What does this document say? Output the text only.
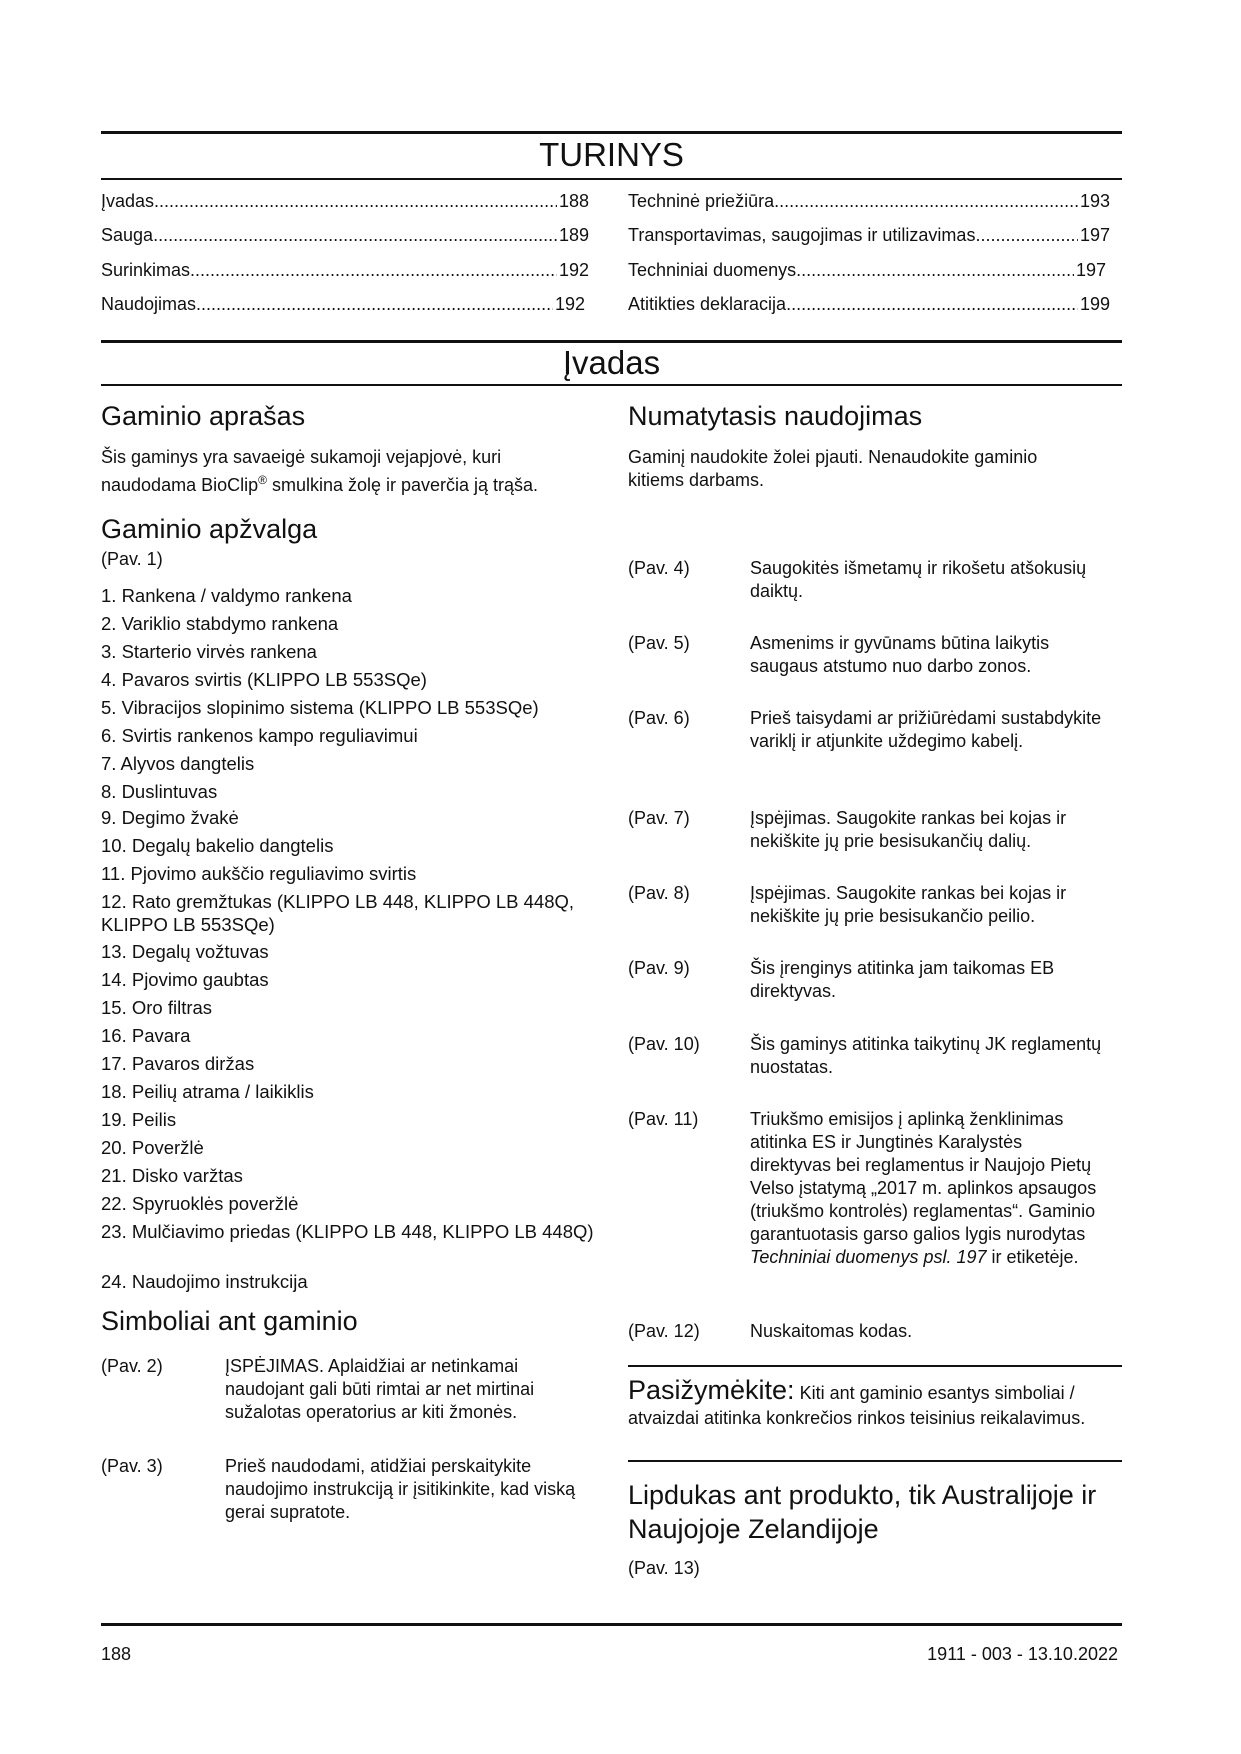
TURINYS
Įvadas .....	188
Sauga .....	189
Surinkimas .....	192
Naudojimas .....	192
Techninė priežiūra .....	193
Transportavimas, saugojimas ir utilizavimas .....	197
Techniniai duomenys .....	197
Atitikties deklaracija .....	199
Įvadas
Gaminio aprašas
Šis gaminys yra savaeigė sukamoji vejapjovė, kuri naudodama BioClip® smulkina žolę ir paverčia ją trąša.
Gaminio apžvalga
(Pav. 1)
1. Rankena / valdymo rankena
2. Variklio stabdymo rankena
3. Starterio virvės rankena
4. Pavaros svirtis (KLIPPO LB 553SQe)
5. Vibracijos slopinimo sistema (KLIPPO LB 553SQe)
6. Svirtis rankenos kampo reguliavimui
7. Alyvos dangtelis
8. Duslintuvas
9. Degimo žvakė
10. Degalų bakelio dangtelis
11. Pjovimo aukščio reguliavimo svirtis
12. Rato gremžtukas (KLIPPO LB 448, KLIPPO LB 448Q, KLIPPO LB 553SQe)
13. Degalų vožtuvas
14. Pjovimo gaubtas
15. Oro filtras
16. Pavara
17. Pavaros diržas
18. Peilių atrama / laikiklis
19. Peilis
20. Poveržlė
21. Disko varžtas
22. Spyruoklės poveržlė
23. Mulčiavimo priedas (KLIPPO LB 448, KLIPPO LB 448Q)
24. Naudojimo instrukcija
Simboliai ant gaminio
(Pav. 2)	ĮSPĖJIMAS. Aplaidžiai ar netinkamai naudojant gali būti rimtai ar net mirtinai sužalotas operatorius ar kiti žmonės.
(Pav. 3)	Prieš naudodami, atidžiai perskaitykite naudojimo instrukciją ir įsitikinkite, kad viską gerai supratote.
Numatytasis naudojimas
Gaminį naudokite žolei pjauti. Nenaudokite gaminio kitiems darbams.
(Pav. 4)	Saugokitės išmetamų ir rikošetu atšokusių daiktų.
(Pav. 5)	Asmenims ir gyvūnams būtina laikytis saugaus atstumo nuo darbo zonos.
(Pav. 6)	Prieš taisydami ar prižiūrėdami sustabdykite variklį ir atjunkite uždegimo kabelį.
(Pav. 7)	Įspėjimas. Saugokite rankas bei kojas ir nekiškite jų prie besisukančių dalių.
(Pav. 8)	Įspėjimas. Saugokite rankas bei kojas ir nekiškite jų prie besisukančio peilio.
(Pav. 9)	Šis įrenginys atitinka jam taikomas EB direktyvas.
(Pav. 10)	Šis gaminys atitinka taikytinų JK reglamentų nuostatas.
(Pav. 11)	Triukšmo emisijos į aplinką ženklinimas atitinka ES ir Jungtinės Karalystės direktyvas bei reglamentus ir Naujojo Pietų Velso įstatymą „2017 m. aplinkos apsaugos (triukšmo kontrolės) reglamentas“. Gaminio garantuotasis garso galios lygis nurodytas Techniniai duomenys psl. 197 ir etiketėje.
(Pav. 12)	Nuskaitomas kodas.
Pasižymėkite: Kiti ant gaminio esantys simboliai / atvaizdai atitinka konkrečios rinkos teisinius reikalavimus.
Lipdukas ant produkto, tik Australijoje ir Naujojoje Zelandijoje
(Pav. 13)
188	1911 - 003 - 13.10.2022
